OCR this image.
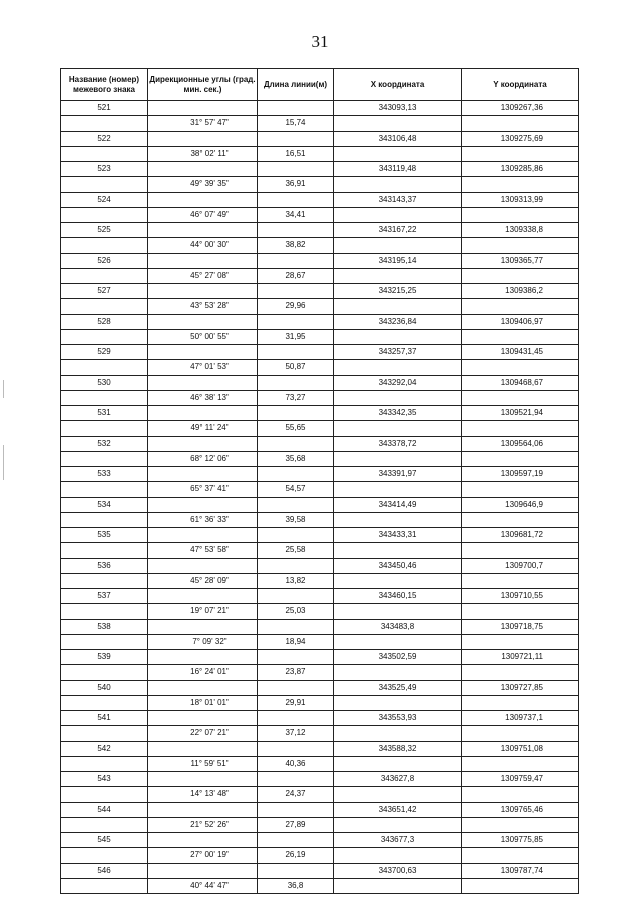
31
Название (номер) межевого знака	Дирекционные углы (град. мин. сек.)	Длина линии(м)	X координата	Y координата
521			343093,13	1309267,36
	31° 57' 47"	15,74		
522			343106,48	1309275,69
	38° 02' 11"	16,51		
523			343119,48	1309285,86
	49° 39' 35"	36,91		
524			343143,37	1309313,99
	46° 07' 49"	34,41		
525			343167,22	1309338,8
	44° 00' 30"	38,82		
526			343195,14	1309365,77
	45° 27' 08"	28,67		
527			343215,25	1309386,2
	43° 53' 28"	29,96		
528			343236,84	1309406,97
	50° 00' 55"	31,95		
529			343257,37	1309431,45
	47° 01' 53"	50,87		
530			343292,04	1309468,67
	46° 38' 13"	73,27		
531			343342,35	1309521,94
	49° 11' 24"	55,65		
532			343378,72	1309564,06
	68° 12' 06"	35,68		
533			343391,97	1309597,19
	65° 37' 41"	54,57		
534			343414,49	1309646,9
	61° 36' 33"	39,58		
535			343433,31	1309681,72
	47° 53' 58"	25,58		
536			343450,46	1309700,7
	45° 28' 09"	13,82		
537			343460,15	1309710,55
	19° 07' 21"	25,03		
538			343483,8	1309718,75
	7° 09' 32"	18,94		
539			343502,59	1309721,11
	16° 24' 01"	23,87		
540			343525,49	1309727,85
	18° 01' 01"	29,91		
541			343553,93	1309737,1
	22° 07' 21"	37,12		
542			343588,32	1309751,08
	11° 59' 51"	40,36		
543			343627,8	1309759,47
	14° 13' 48"	24,37		
544			343651,42	1309765,46
	21° 52' 26"	27,89		
545			343677,3	1309775,85
	27° 00' 19"	26,19		
546			343700,63	1309787,74
	40° 44' 47"	36,8		
